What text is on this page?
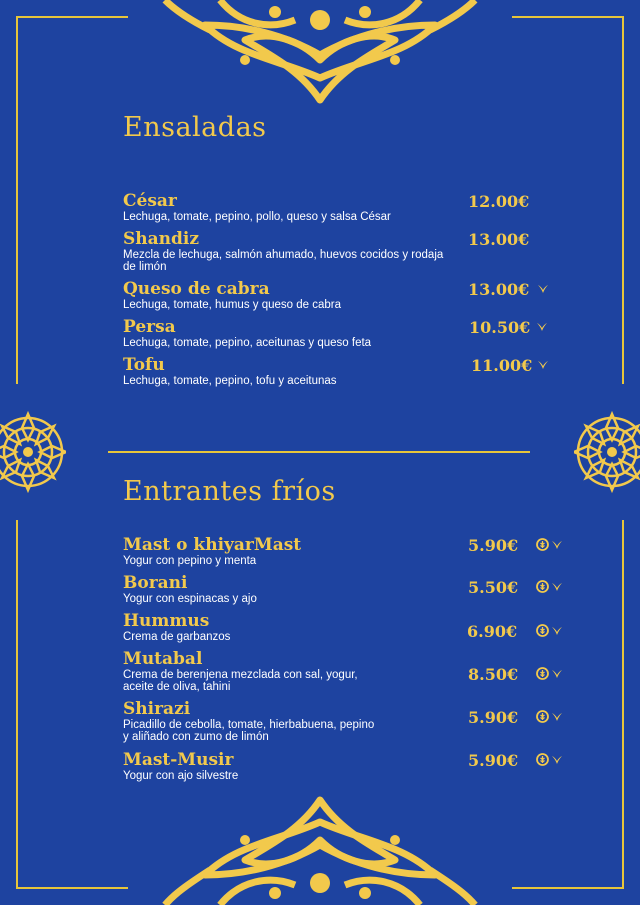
Ensaladas
César
Lechuga, tomate, pepino, pollo, queso y salsa César
12.00€
Shandiz
Mezcla de lechuga, salmón ahumado, huevos cocidos y rodaja de limón
13.00€
Queso de cabra
Lechuga, tomate, humus y queso de cabra
13.00€
Persa
Lechuga, tomate, pepino, aceitunas y queso feta
10.50€
Tofu
Lechuga, tomate, pepino, tofu y aceitunas
11.00€
Entrantes fríos
Mast o khiyarMast
Yogur con pepino y menta
5.90€
Borani
Yogur con espinacas y ajo
5.50€
Hummus
Crema de garbanzos	6.90€
Mutabal
Crema de berenjena mezclada con sal, yogur, aceite de oliva, tahini
8.50€
Shirazi
Picadillo de cebolla, tomate, hierbabuena, pepino y aliñado con zumo de limón
5.90€
Mast-Musir
Yogur con ajo silvestre
5.90€
